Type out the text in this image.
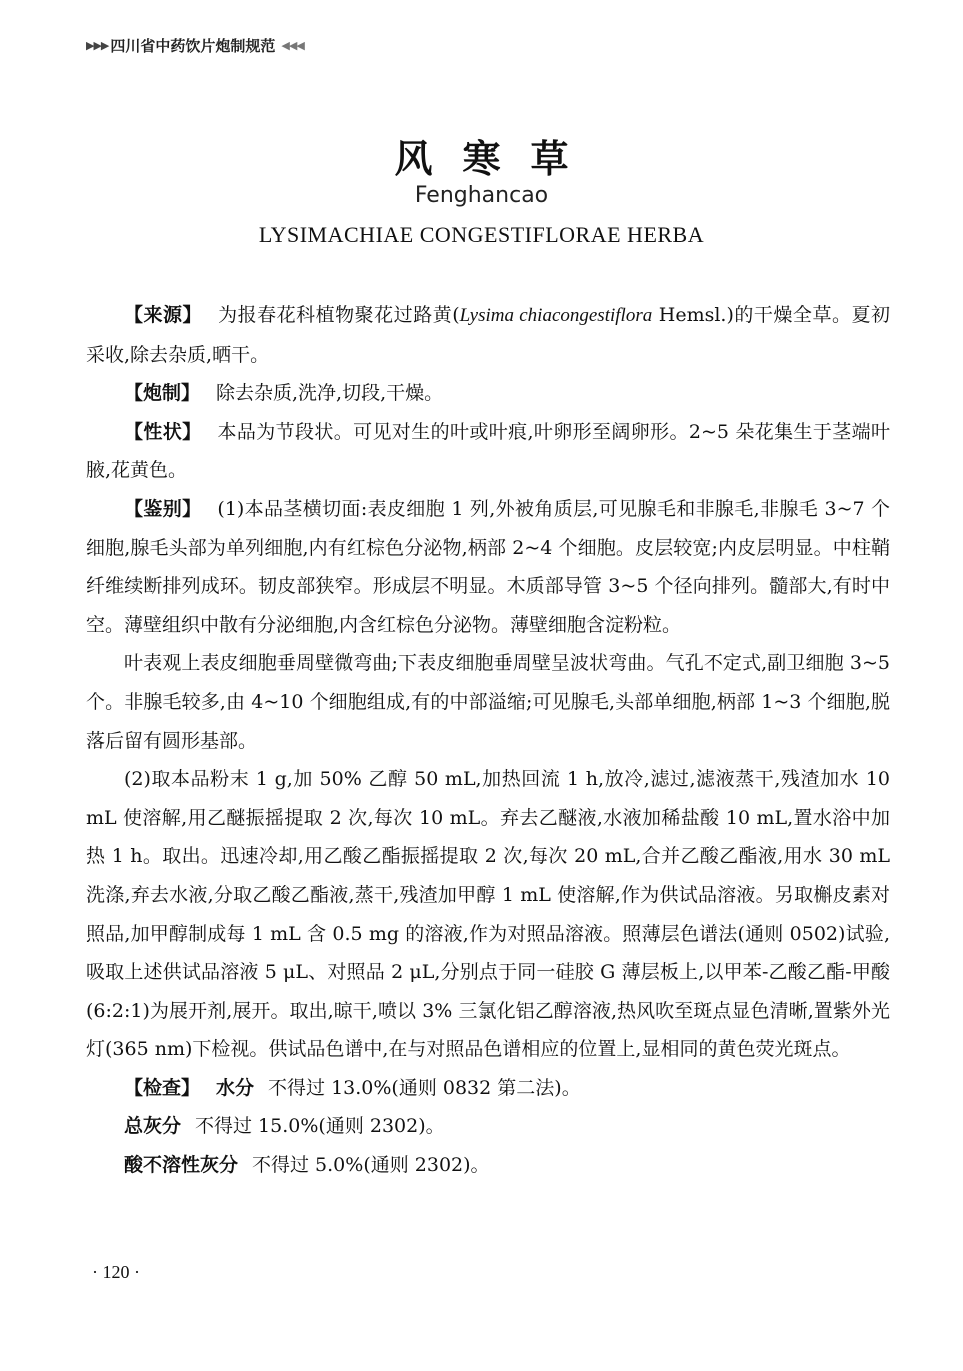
▶▶▶ 四川省中药饮片炮制规范 ◀◀◀
风寒草
Fenghancao
LYSIMACHIAE CONGESTIFLORAE HERBA

【来源】 为报春花科植物聚花过路黄(Lysima chiacongestiflora Hemsl.)的干燥全草。夏初采收,除去杂质,晒干。

【炮制】 除去杂质,洗净,切段,干燥。

【性状】 本品为节段状。可见对生的叶或叶痕,叶卵形至阔卵形。2~5 朵花集生于茎端叶腋,花黄色。

【鉴别】 (1)本品茎横切面:表皮细胞 1 列,外被角质层,可见腺毛和非腺毛,非腺毛 3~7 个细胞,腺毛头部为单列细胞,内有红棕色分泌物,柄部 2~4 个细胞。皮层较宽;内皮层明显。中柱鞘纤维续断排列成环。韧皮部狭窄。形成层不明显。木质部导管 3~5 个径向排列。髓部大,有时中空。薄壁组织中散有分泌细胞,内含红棕色分泌物。薄壁细胞含淀粉粒。

叶表观上表皮细胞垂周壁微弯曲;下表皮细胞垂周壁呈波状弯曲。气孔不定式,副卫细胞 3~5 个。非腺毛较多,由 4~10 个细胞组成,有的中部溢缩;可见腺毛,头部单细胞,柄部 1~3 个细胞,脱落后留有圆形基部。

(2)取本品粉末 1 g,加 50% 乙醇 50 mL,加热回流 1 h,放冷,滤过,滤液蒸干,残渣加水 10 mL 使溶解,用乙醚振摇提取 2 次,每次 10 mL。弃去乙醚液,水液加稀盐酸 10 mL,置水浴中加热 1 h。取出。迅速冷却,用乙酸乙酯振摇提取 2 次,每次 20 mL,合并乙酸乙酯液,用水 30 mL 洗涤,弃去水液,分取乙酸乙酯液,蒸干,残渣加甲醇 1 mL 使溶解,作为供试品溶液。另取槲皮素对照品,加甲醇制成每 1 mL 含 0.5 mg 的溶液,作为对照品溶液。照薄层色谱法(通则 0502)试验,吸取上述供试品溶液 5 μL、对照品 2 μL,分别点于同一硅胶 G 薄层板上,以甲苯-乙酸乙酯-甲酸(6:2:1)为展开剂,展开。取出,晾干,喷以 3% 三氯化铝乙醇溶液,热风吹至斑点显色清晰,置紫外光灯(365 nm)下检视。供试品色谱中,在与对照品色谱相应的位置上,显相同的黄色荧光斑点。

【检查】 水分 不得过 13.0%(通则 0832 第二法)。

总灰分 不得过 15.0%(通则 2302)。

酸不溶性灰分 不得过 5.0%(通则 2302)。

· 120 ·
